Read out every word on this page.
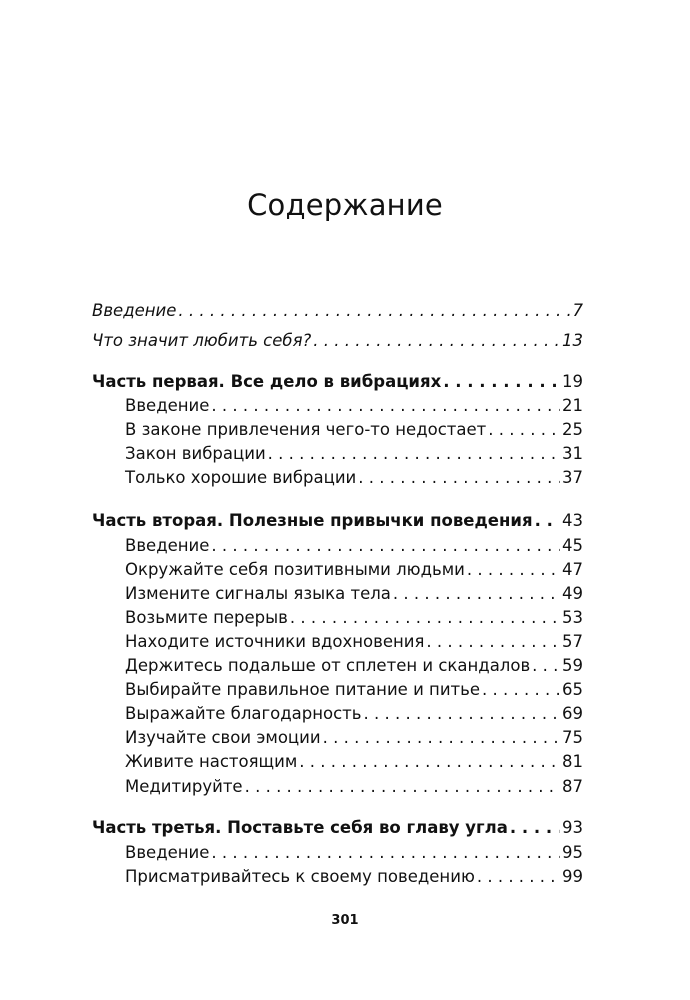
Содержание
Введение . . .	7
Что значит любить себя? . . .	13
Часть первая. Все дело в вибрациях . . .	19
Введение . . .	21
В законе привлечения чего-то недостает . . .	25
Закон вибрации . . .	31
Только хорошие вибрации . . .	37
Часть вторая. Полезные привычки поведения . . . 43
Введение . . .	45
Окружайте себя позитивными людьми . . .	47
Измените сигналы языка тела . . .	49
Возьмите перерыв . . .	53
Находите источники вдохновения . . .	57
Держитесь подальше от сплетен и скандалов . . . 59
Выбирайте правильное питание и питье . . .	65
Выражайте благодарность . . .	69
Изучайте свои эмоции . . .	75
Живите настоящим . . .	81
Медитируйте . . .	87
Часть третья. Поставьте себя во главу угла . . .	93
Введение . . .	95
Присматривайтесь к своему поведению . . .	99
301
